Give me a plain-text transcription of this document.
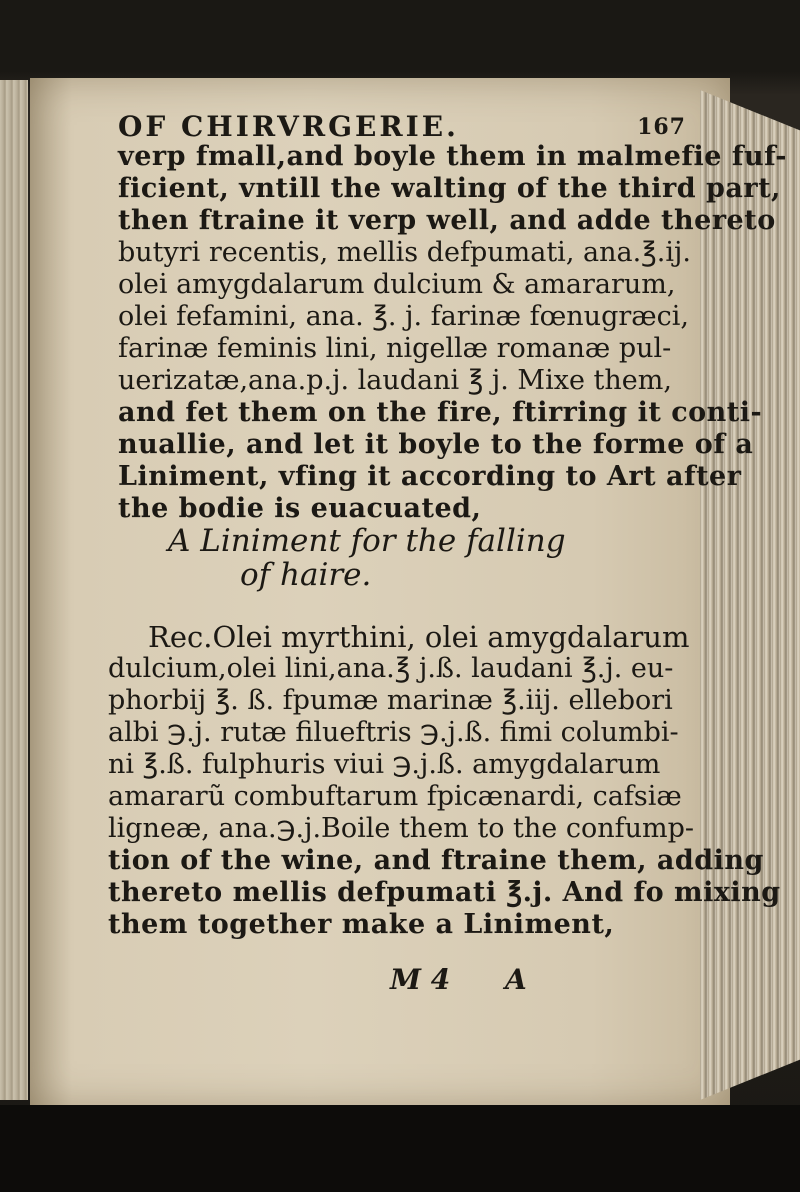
OF CHIRVRGERIE.	167
verp fmall,and boyle them in malmefie fuf-
ficient, vntill the walting of the third part,
then ftraine it verp well, and adde thereto
butyri recentis, mellis defpumati, ana.℥.ij.
olei amygdalarum dulcium & amararum,
olei fefamini, ana. ℥. j. farinæ fœnugræci,
farinæ feminis lini, nigellæ romanæ pul-
uerizatæ,ana.p.j. laudani ℥ j. Mixe them,
and fet them on the fire, ftirring it conti-
nuallie, and let it boyle to the forme of a
Liniment, vfing it according to Art after
the bodie is euacuated,
A Liniment for the falling
of haire.
Rec.Olei myrthini, olei amygdalarum
dulcium,olei lini,ana.℥ j.ß. laudani ℥.j. eu-
phorbij ℥. ß. fpumæ marinæ ℥.iij. ellebori
albi ℈.j. rutæ filueftris ℈.j.ß. fimi columbi-
ni ℥.ß. fulphuris viui ℈.j.ß. amygdalarum
amararũ combuftarum fpicænardi, cafsiæ
ligneæ, ana.℈.j.Boile them to the confump-
tion of the wine, and ftraine them, adding
thereto mellis defpumati ℥.j. And fo mixing
them together make a Liniment,
M 4 A
